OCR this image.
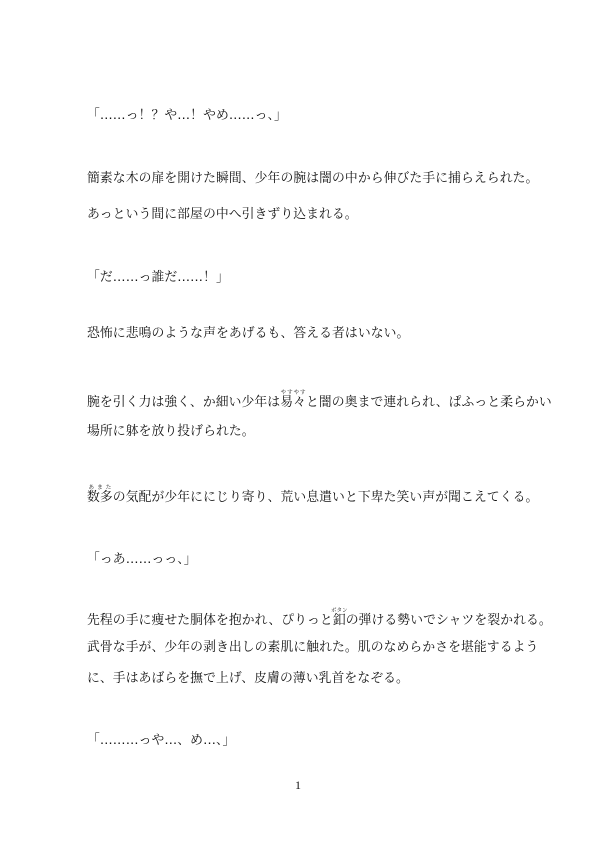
「……っ！？や…！やめ……っ、」
簡素な木の扉を開けた瞬間、少年の腕は闇の中から伸びた手に捕らえられた。
あっという間に部屋の中へ引きずり込まれる。
「だ……っ誰だ……！」
恐怖に悲鳴のような声をあげるも、答える者はいない。
腕を引く力は強く、か細い少年は易々やすやすと闇の奥まで連れられ、ぱふっと柔らかい
場所に躰を放り投げられた。
数多あまたの気配が少年ににじり寄り、荒い息遣いと下卑た笑い声が聞こえてくる。
「っあ……っっ、」
先程の手に痩せた胴体を抱かれ、ぴりっと釦ボタンの弾ける勢いでシャツを裂かれる。
武骨な手が、少年の剥き出しの素肌に触れた。肌のなめらかさを堪能するよう
に、手はあばらを撫で上げ、皮膚の薄い乳首をなぞる。
「………っや…、め…、」
1
